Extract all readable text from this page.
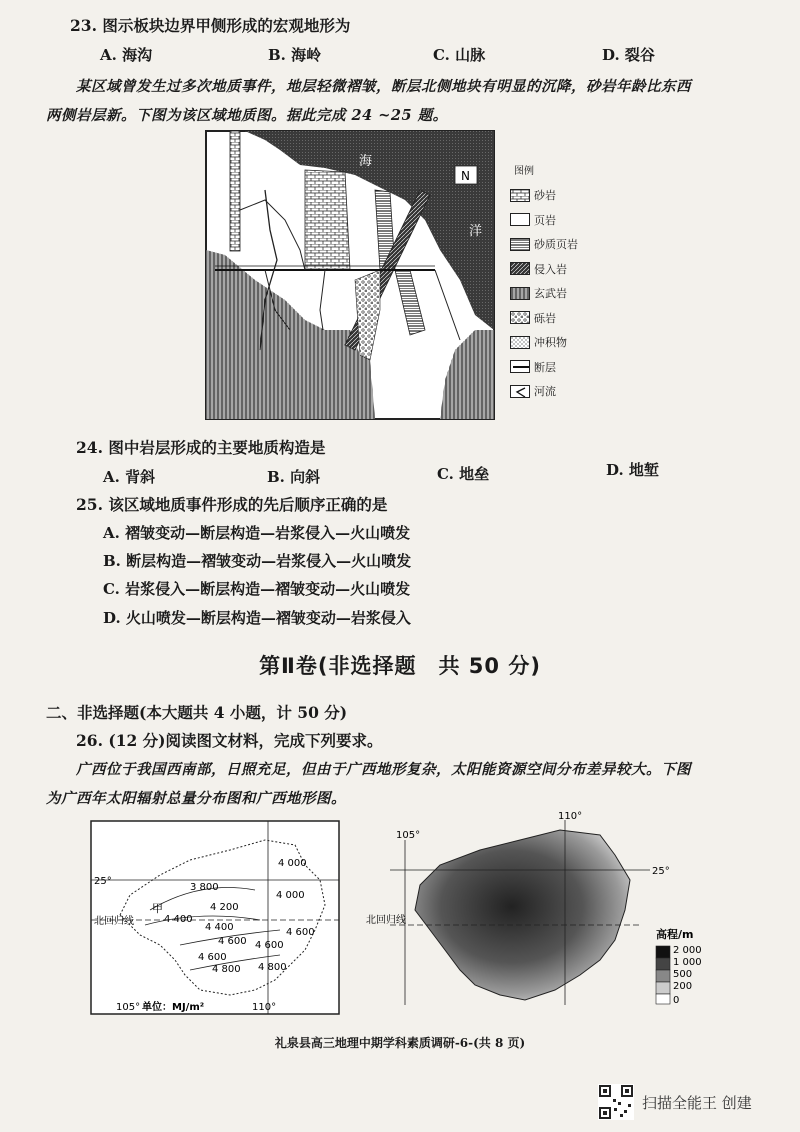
23. 图示板块边界甲侧形成的宏观地形为
A. 海沟	B. 海岭	C. 山脉	D. 裂谷
某区域曾发生过多次地质事件，地层轻微褶皱，断层北侧地块有明显的沉降，砂岩年龄比东西
两侧岩层新。下图为该区域地质图。据此完成 24 ~25 题。
海
洋
N	图例
砂岩
页岩
砂质页岩
侵入岩
玄武岩
砾岩
冲积物
断层
河流
24. 图中岩层形成的主要地质构造是
A. 背斜	B. 向斜	C. 地垒	D. 地堑
25. 该区域地质事件形成的先后顺序正确的是
A. 褶皱变动—断层构造—岩浆侵入—火山喷发
B. 断层构造—褶皱变动—岩浆侵入—火山喷发
C. 岩浆侵入—断层构造—褶皱变动—火山喷发
D. 火山喷发—断层构造—褶皱变动—岩浆侵入
第Ⅱ卷(非选择题　共 50 分)
二、非选择题(本大题共 4 小题，计 50 分)
26. (12 分)阅读图文材料，完成下列要求。
广西位于我国西南部，日照充足，但由于广西地形复杂，太阳能资源空间分布差异较大。下图
为广西年太阳辐射总量分布图和广西地形图。
25°
北回归线
甲
105° 单位：MJ/m²	110°
4 000
3 800
4 000
4 200
4 400
4 400	4 600
4 600 4 600
4 600
4 800 4 800
105°
110°
25°
北回归线
高程/m
2 000
1 000
500
200
0
礼泉县高三地理中期学科素质调研-6-(共 8 页)
扫描全能王 创建
